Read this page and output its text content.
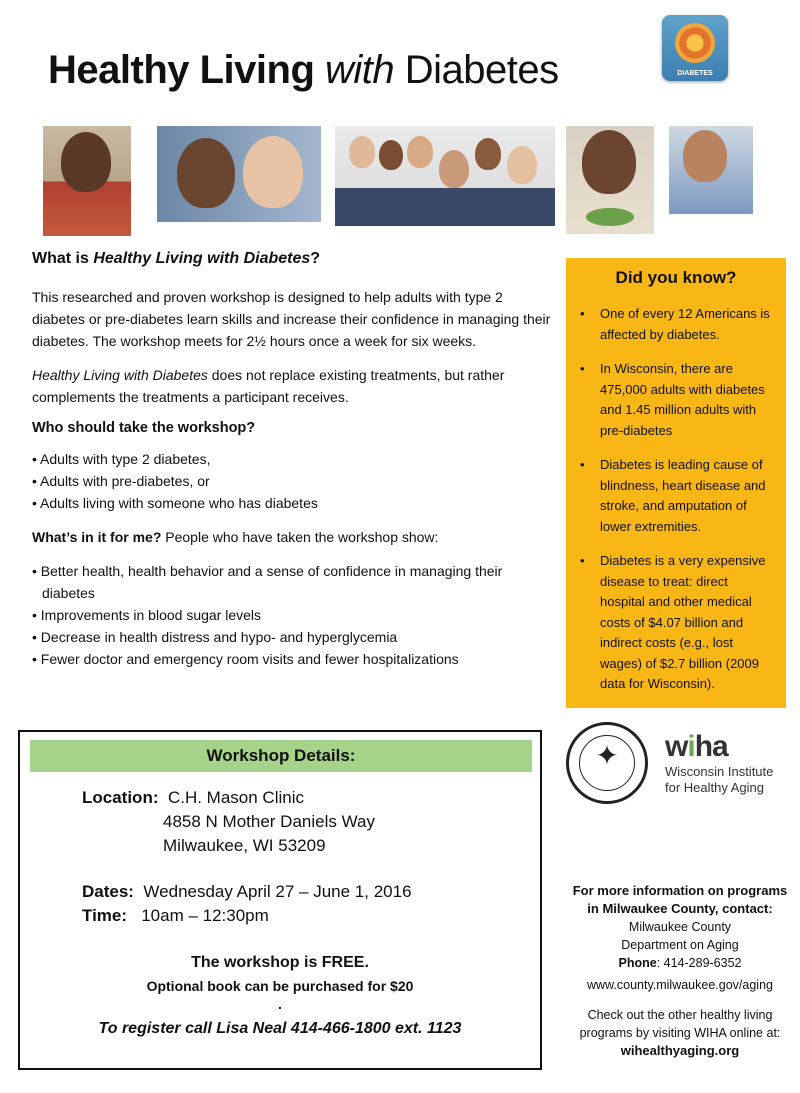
Healthy Living with Diabetes	DIABETES
What is Healthy Living with Diabetes?

This researched and proven workshop is designed to help adults with type 2 diabetes or pre-diabetes learn skills and increase their confidence in managing their diabetes. The workshop meets for 2½ hours once a week for six weeks.

Healthy Living with Diabetes does not replace existing treatments, but rather complements the treatments a participant receives.

Who should take the workshop?
• Adults with type 2 diabetes,
• Adults with pre-diabetes, or
• Adults living with someone who has diabetes
What’s in it for me? People who have taken the workshop show:
• Better health, health behavior and a sense of confidence in managing their diabetes
• Improvements in blood sugar levels
• Decrease in health distress and hypo- and hyperglycemia
• Fewer doctor and emergency room visits and fewer hospitalizations
Did you know?
• One of every 12 Americans is affected by diabetes.
• In Wisconsin, there are 475,000 adults with diabetes and 1.45 million adults with pre-diabetes
• Diabetes is leading cause of blindness, heart disease and stroke, and amputation of lower extremities.
• Diabetes is a very expensive disease to treat: direct hospital and other medical costs of $4.07 billion and indirect costs (e.g., lost wages) of $2.7 billion (2009 data for Wisconsin).
Workshop Details:
Location: C.H. Mason Clinic
4858 N Mother Daniels Way
Milwaukee, WI 53209
Dates: Wednesday April 27 – June 1, 2016
Time: 10am – 12:30pm
The workshop is FREE.
Optional book can be purchased for $20
.
To register call Lisa Neal 414-466-1800 ext. 1123
✦	wiha
Wisconsin Institute
for Healthy Aging
For more information on programs in Milwaukee County, contact:
Milwaukee County
Department on Aging
Phone: 414-289-6352
www.county.milwaukee.gov/aging
Check out the other healthy living programs by visiting WIHA online at:
wihealthyaging.org
